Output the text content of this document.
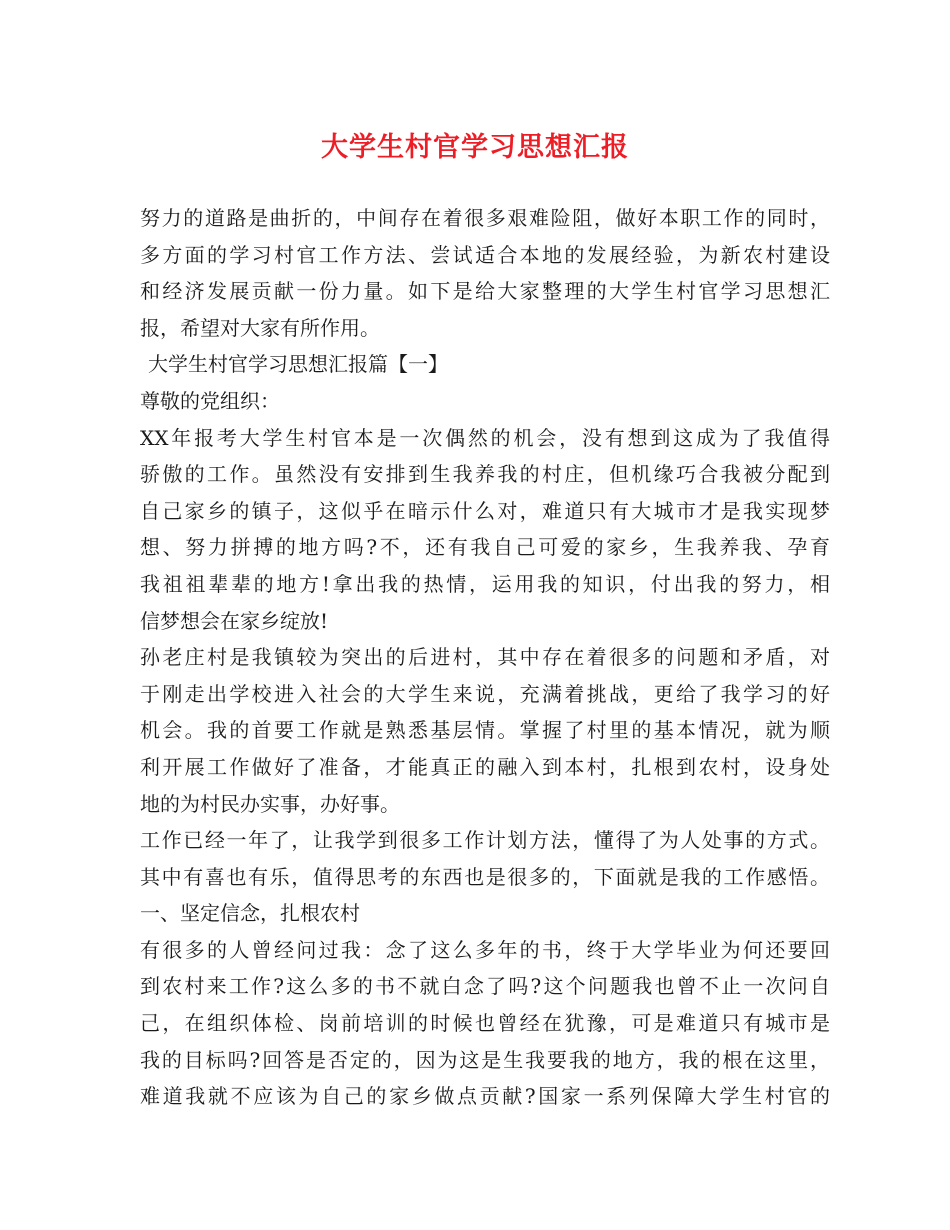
大学生村官学习思想汇报
努力的道路是曲折的，中间存在着很多艰难险阻，做好本职工作的同时，
多方面的学习村官工作方法、尝试适合本地的发展经验，为新农村建设
和经济发展贡献一份力量。如下是给大家整理的大学生村官学习思想汇
报，希望对大家有所作用。
大学生村官学习思想汇报篇【一】
尊敬的党组织：
XX年报考大学生村官本是一次偶然的机会，没有想到这成为了我值得
骄傲的工作。虽然没有安排到生我养我的村庄，但机缘巧合我被分配到
自己家乡的镇子，这似乎在暗示什么对，难道只有大城市才是我实现梦
想、努力拼搏的地方吗?不，还有我自己可爱的家乡，生我养我、孕育
我祖祖辈辈的地方!拿出我的热情，运用我的知识，付出我的努力，相
信梦想会在家乡绽放!
孙老庄村是我镇较为突出的后进村，其中存在着很多的问题和矛盾，对
于刚走出学校进入社会的大学生来说，充满着挑战，更给了我学习的好
机会。我的首要工作就是熟悉基层情。掌握了村里的基本情况，就为顺
利开展工作做好了准备，才能真正的融入到本村，扎根到农村，设身处
地的为村民办实事，办好事。
工作已经一年了，让我学到很多工作计划方法，懂得了为人处事的方式。
其中有喜也有乐，值得思考的东西也是很多的，下面就是我的工作感悟。
一、坚定信念，扎根农村
有很多的人曾经问过我：念了这么多年的书，终于大学毕业为何还要回
到农村来工作?这么多的书不就白念了吗?这个问题我也曾不止一次问自
己，在组织体检、岗前培训的时候也曾经在犹豫，可是难道只有城市是
我的目标吗?回答是否定的，因为这是生我要我的地方，我的根在这里，
难道我就不应该为自己的家乡做点贡献?国家一系列保障大学生村官的
